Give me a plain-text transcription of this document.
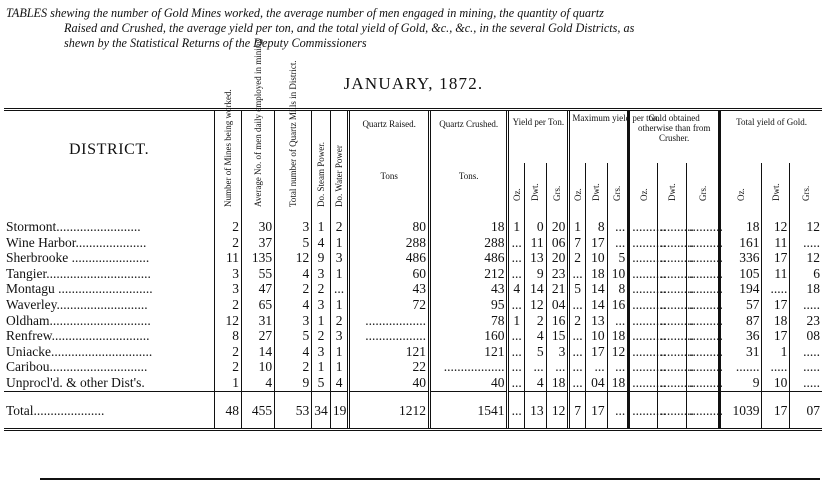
TABLES shewing the number of Gold Mines worked, the average number of men engaged in mining, the quantity of quartz
Raised and Crushed, the average yield per ton, and the total yield of Gold, &c., &c., in the several Gold Districts, as
shewn by the Statistical Returns of the Deputy Commissioners
JANUARY, 1872.
DISTRICT.	Number of Mines being worked.	Average No. of men daily employed in mining	Total number of Quartz Mills in District.	Do. Steam Power.	Do. Water Power	Quartz Raised.	Quartz Crushed.	Yield per Ton.			Maximum yield per ton.			Gold obtained otherwise than from Crusher.			Total yield of Gold.		
						Tons	Tons.	Oz.	Dwt.	Grs.	Oz.	Dwt.	Grs.	Oz.	Dwt.	Grs.	Oz.	Dwt.	Grs.

Stormont.........................	2	30	3	1	2	80	18	1	0	20	1	8	...	..........	..........	..........	18	12	12
Wine Harbor.....................	2	37	5	4	1	288	288	...	11	06	7	17	...	..........	..........	..........	161	11	.....
Sherbrooke .......................	11	135	12	9	3	486	486	...	13	20	2	10	5	..........	..........	..........	336	17	12
Tangier...............................	3	55	4	3	1	60	212	...	9	23	...	18	10	..........	..........	..........	105	11	6
Montagu ............................	3	47	2	2	...	43	43	4	14	21	5	14	8	..........	..........	..........	194	.....	18
Waverley...........................	2	65	4	3	1	72	95	...	12	04	...	14	16	..........	..........	..........	57	17	.....
Oldham..............................	12	31	3	1	2	..................	78	1	2	16	2	13	...	..........	..........	..........	87	18	23
Renfrew.............................	8	27	5	2	3	..................	160	...	4	15	...	10	18	..........	..........	..........	36	17	08
Uniacke..............................	2	14	4	3	1	121	121	...	5	3	...	17	12	..........	..........	..........	31	1	.....
Caribou.............................	2	10	2	1	1	22	..................	...	...	...	...	...	...	..........	..........	..........	.......	.....	.....
Unprocl'd. & other Dist's.	1	4	9	5	4	40	40	...	4	18	...	04	18	..........	..........	..........	9	10	.....
Total.....................	48	455	53	34	19	1212	1541	...	13	12	7	17	...	..........	..........	..........	1039	17	07
